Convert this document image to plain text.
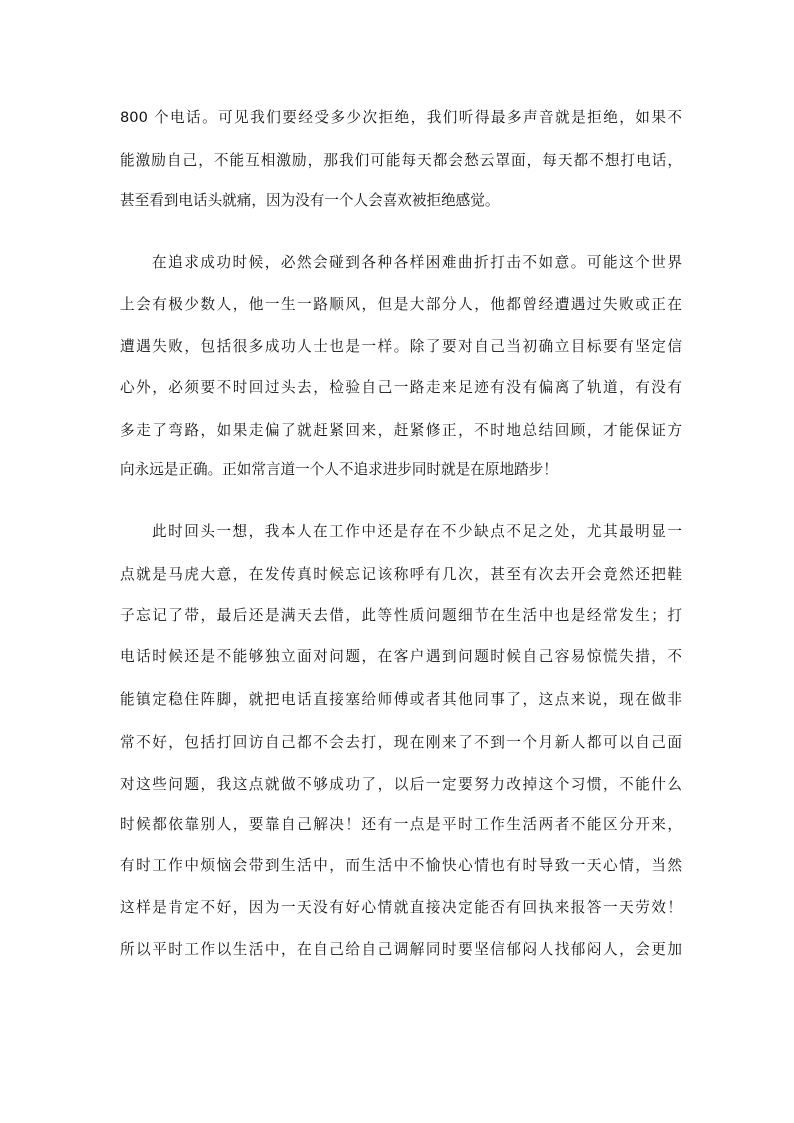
800 个电话。可见我们要经受多少次拒绝，我们听得最多声音就是拒绝，如果不
能激励自己，不能互相激励，那我们可能每天都会愁云罩面，每天都不想打电话，
甚至看到电话头就痛，因为没有一个人会喜欢被拒绝感觉。
在追求成功时候，必然会碰到各种各样困难曲折打击不如意。可能这个世界
上会有极少数人，他一生一路顺风，但是大部分人，他都曾经遭遇过失败或正在
遭遇失败，包括很多成功人士也是一样。除了要对自己当初确立目标要有坚定信
心外，必须要不时回过头去，检验自己一路走来足迹有没有偏离了轨道，有没有
多走了弯路，如果走偏了就赶紧回来，赶紧修正，不时地总结回顾，才能保证方
向永远是正确。正如常言道一个人不追求进步同时就是在原地踏步！
此时回头一想，我本人在工作中还是存在不少缺点不足之处，尤其最明显一
点就是马虎大意，在发传真时候忘记该称呼有几次，甚至有次去开会竟然还把鞋
子忘记了带，最后还是满天去借，此等性质问题细节在生活中也是经常发生；打
电话时候还是不能够独立面对问题，在客户遇到问题时候自己容易惊慌失措，不
能镇定稳住阵脚，就把电话直接塞给师傅或者其他同事了，这点来说，现在做非
常不好，包括打回访自己都不会去打，现在刚来了不到一个月新人都可以自己面
对这些问题，我这点就做不够成功了，以后一定要努力改掉这个习惯，不能什么
时候都依靠别人，要靠自己解决！还有一点是平时工作生活两者不能区分开来，
有时工作中烦恼会带到生活中，而生活中不愉快心情也有时导致一天心情，当然
这样是肯定不好，因为一天没有好心情就直接决定能否有回执来报答一天劳效！
所以平时工作以生活中，在自己给自己调解同时要坚信郁闷人找郁闷人，会更加
